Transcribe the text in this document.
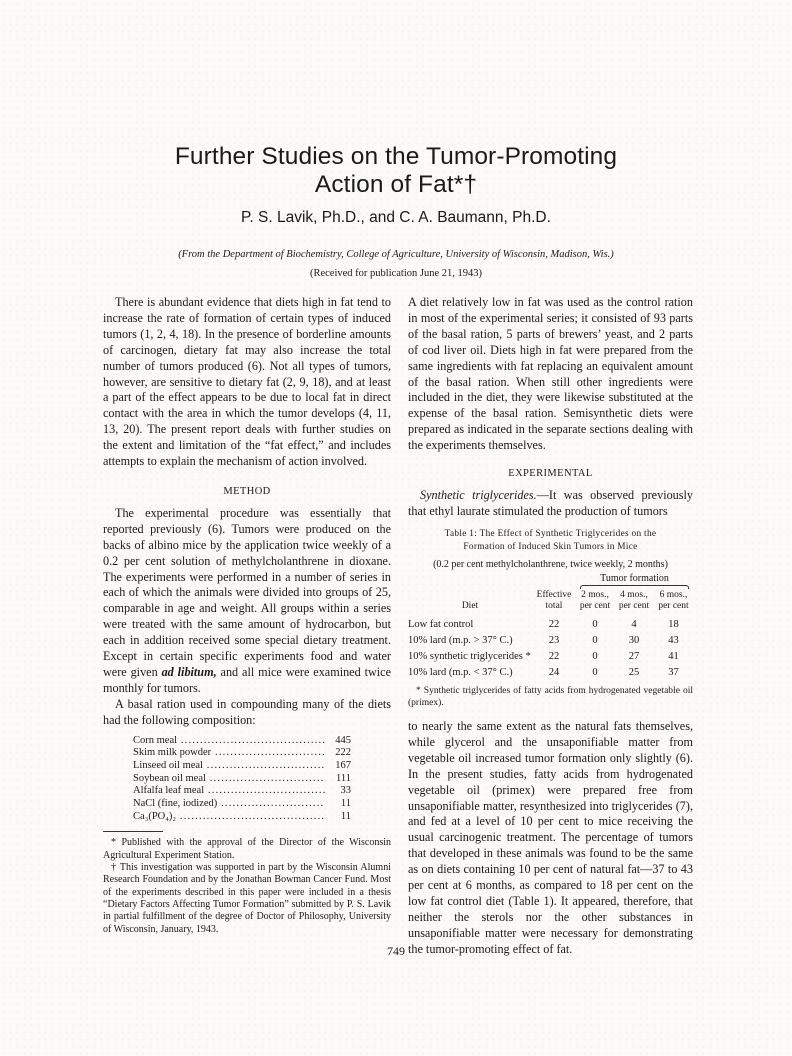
Further Studies on the Tumor-Promoting
Action of Fat*†
P. S. Lavik, Ph.D., and C. A. Baumann, Ph.D.
(From the Department of Biochemistry, College of Agriculture, University of Wisconsin, Madison, Wis.)
(Received for publication June 21, 1943)

There is abundant evidence that diets high in fat tend to increase the rate of formation of certain types of induced tumors (1, 2, 4, 18). In the presence of borderline amounts of carcinogen, dietary fat may also increase the total number of tumors produced (6). Not all types of tumors, however, are sensitive to dietary fat (2, 9, 18), and at least a part of the effect appears to be due to local fat in direct contact with the area in which the tumor develops (4, 11, 13, 20). The present report deals with further studies on the extent and limitation of the “fat effect,” and includes attempts to explain the mechanism of action involved.

METHOD

The experimental procedure was essentially that reported previously (6). Tumors were produced on the backs of albino mice by the application twice weekly of a 0.2 per cent solution of methylcholanthrene in dioxane. The experiments were performed in a number of series in each of which the animals were divided into groups of 25, comparable in age and weight. All groups within a series were treated with the same amount of hydrocarbon, but each in addition received some special dietary treatment. Except in certain specific experiments food and water were given ad libitum, and all mice were examined twice monthly for tumors.

A basal ration used in compounding many of the diets had the following composition:

Corn meal .....	445
Skim milk powder .....	222
Linseed oil meal .....	167
Soybean oil meal .....	111
Alfalfa leaf meal .....	33
NaCl (fine, iodized) .....	11
Ca₃(PO₄)₂ .....	11

* Published with the approval of the Director of the Wisconsin Agricultural Experiment Station.

† This investigation was supported in part by the Wisconsin Alumni Research Foundation and by the Jonathan Bowman Cancer Fund. Most of the experiments described in this paper were included in a thesis “Dietary Factors Affecting Tumor Formation” submitted by P. S. Lavik in partial fulfillment of the degree of Doctor of Philosophy, University of Wisconsin, January, 1943.

A diet relatively low in fat was used as the control ration in most of the experimental series; it consisted of 93 parts of the basal ration, 5 parts of brewers’ yeast, and 2 parts of cod liver oil. Diets high in fat were prepared from the same ingredients with fat replacing an equivalent amount of the basal ration. When still other ingredients were included in the diet, they were likewise substituted at the expense of the basal ration. Semisynthetic diets were prepared as indicated in the separate sections dealing with the experiments themselves.

EXPERIMENTAL

Synthetic triglycerides.—It was observed previously that ethyl laurate stimulated the production of tumors

Table 1: The Effect of Synthetic Triglycerides on the
Formation of Induced Skin Tumors in Mice
(0.2 per cent methylcholanthrene, twice weekly, 2 months)

		Tumor formation		

Diet	Effective total	2 mos., per cent	4 mos., per cent	6 mos., per cent

Low fat control	22	0	4	18
10% lard (m.p. > 37° C.)	23	0	30	43
10% synthetic triglycerides *	22	0	27	41
10% lard (m.p. < 37° C.)	24	0	25	37
* Synthetic triglycerides of fatty acids from hydrogenated vegetable oil (primex).

to nearly the same extent as the natural fats themselves, while glycerol and the unsaponifiable matter from vegetable oil increased tumor formation only slightly (6). In the present studies, fatty acids from hydrogenated vegetable oil (primex) were prepared free from unsaponifiable matter, resynthesized into triglycerides (7), and fed at a level of 10 per cent to mice receiving the usual carcinogenic treatment. The percentage of tumors that developed in these animals was found to be the same as on diets containing 10 per cent of natural fat—37 to 43 per cent at 6 months, as compared to 18 per cent on the low fat control diet (Table 1). It appeared, therefore, that neither the sterols nor the other substances in unsaponifiable matter were necessary for demonstrating the tumor-promoting effect of fat.

749
